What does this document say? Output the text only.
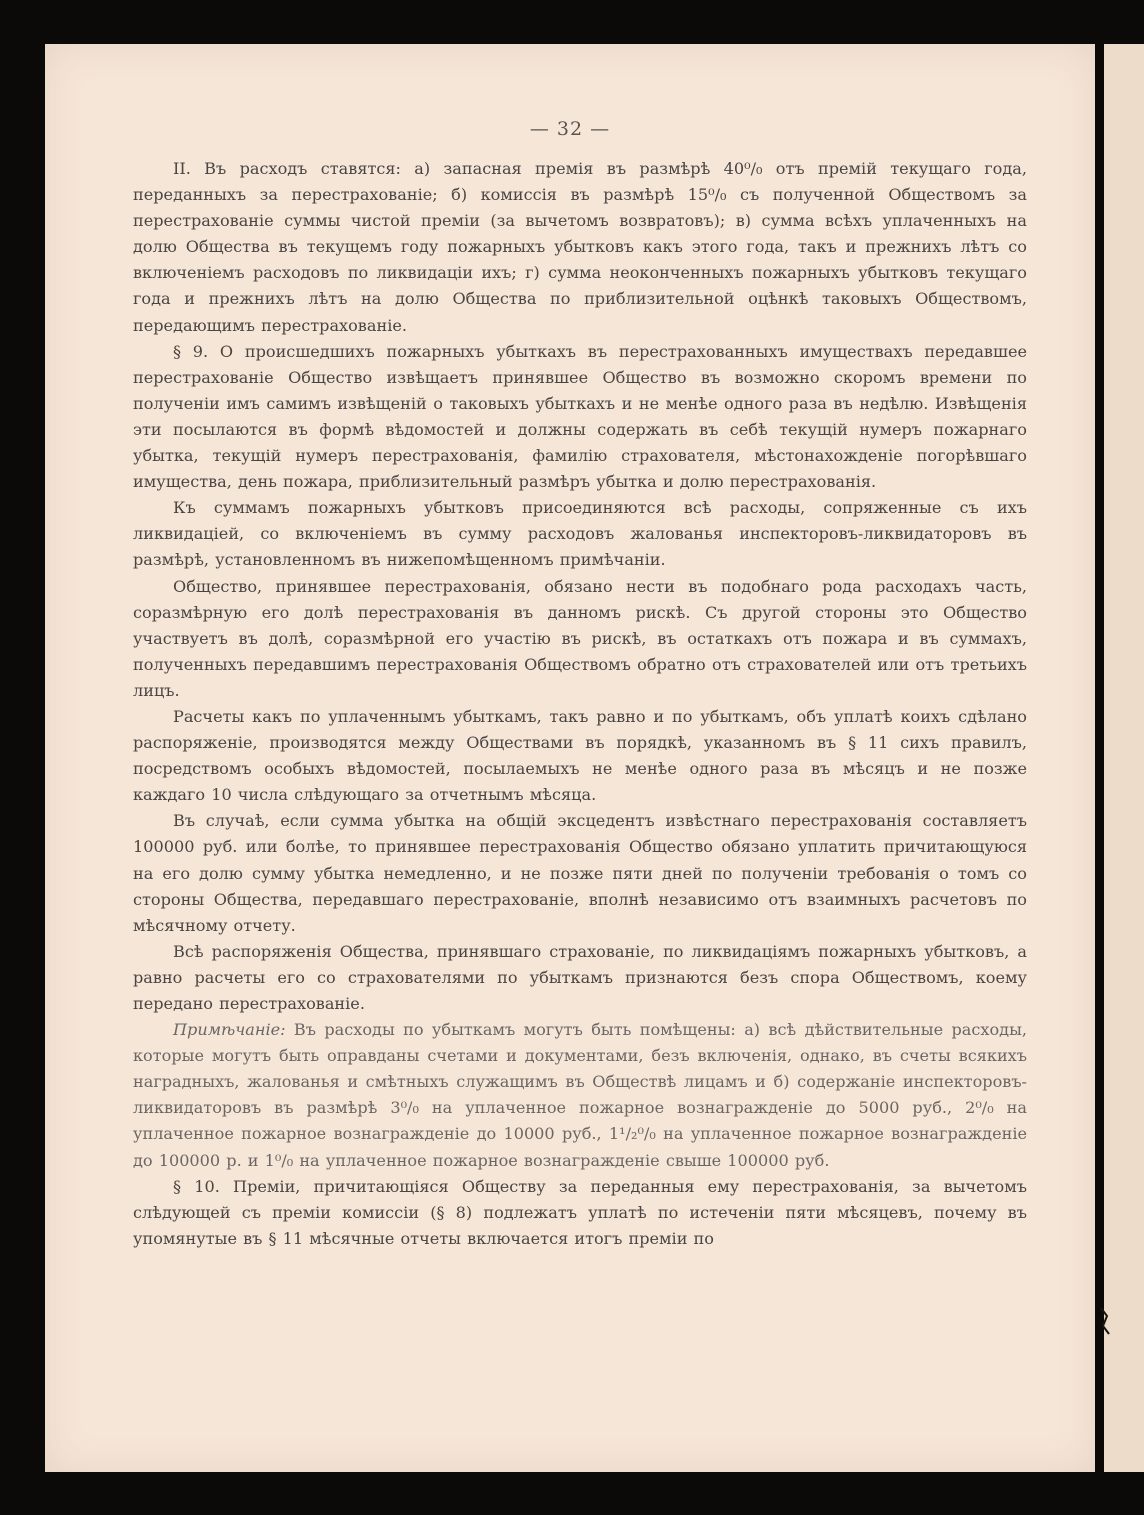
— 32 —

II. Въ расходъ ставятся: а) запасная премія въ размѣрѣ 40⁰/₀ отъ премій текущаго года, переданныхъ за перестрахованіе; б) комиссія въ размѣрѣ 15⁰/₀ съ полученной Обществомъ за перестрахованіе суммы чистой преміи (за вычетомъ возвратовъ); в) сумма всѣхъ уплаченныхъ на долю Общества въ текущемъ году пожарныхъ убытковъ какъ этого года, такъ и прежнихъ лѣтъ со включеніемъ расходовъ по ликвидаціи ихъ; г) сумма неоконченныхъ пожарныхъ убытковъ текущаго года и прежнихъ лѣтъ на долю Общества по приблизительной оцѣнкѣ таковыхъ Обществомъ, передающимъ перестрахованіе.

§ 9. О происшедшихъ пожарныхъ убыткахъ въ перестрахованныхъ имуществахъ передавшее перестрахованіе Общество извѣщаетъ принявшее Общество въ возможно скоромъ времени по полученіи имъ самимъ извѣщеній о таковыхъ убыткахъ и не менѣе одного раза въ недѣлю. Извѣщенія эти посылаются въ формѣ вѣдомостей и должны содержать въ себѣ текущій нумеръ пожарнаго убытка, текущій нумеръ перестрахованія, фамилію страхователя, мѣстонахожденіе погорѣвшаго имущества, день пожара, приблизительный размѣръ убытка и долю перестрахованія.

Къ суммамъ пожарныхъ убытковъ присоединяются всѣ расходы, сопряженные съ ихъ ликвидаціей, со включеніемъ въ сумму расходовъ жалованья инспекторовъ-ликвидаторовъ въ размѣрѣ, установленномъ въ нижепомѣщенномъ примѣчаніи.

Общество, принявшее перестрахованія, обязано нести въ подобнаго рода расходахъ часть, соразмѣрную его долѣ перестрахованія въ данномъ рискѣ. Съ другой стороны это Общество участвуетъ въ долѣ, соразмѣрной его участію въ рискѣ, въ остаткахъ отъ пожара и въ суммахъ, полученныхъ передавшимъ перестрахованія Обществомъ обратно отъ страхователей или отъ третьихъ лицъ.

Расчеты какъ по уплаченнымъ убыткамъ, такъ равно и по убыткамъ, объ уплатѣ коихъ сдѣлано распоряженіе, производятся между Обществами въ порядкѣ, указанномъ въ § 11 сихъ правилъ, посредствомъ особыхъ вѣдомостей, посылаемыхъ не менѣе одного раза въ мѣсяцъ и не позже каждаго 10 числа слѣдующаго за отчетнымъ мѣсяца.

Въ случаѣ, если сумма убытка на общій эксцедентъ извѣстнаго перестрахованія составляетъ 100000 руб. или болѣе, то принявшее перестрахованія Общество обязано уплатить причитающуюся на его долю сумму убытка немедленно, и не позже пяти дней по полученіи требованія о томъ со стороны Общества, передавшаго перестрахованіе, вполнѣ независимо отъ взаимныхъ расчетовъ по мѣсячному отчету.

Всѣ распоряженія Общества, принявшаго страхованіе, по ликвидаціямъ пожарныхъ убытковъ, а равно расчеты его со страхователями по убыткамъ признаются безъ спора Обществомъ, коему передано перестрахованіе.

Примѣчаніе: Въ расходы по убыткамъ могутъ быть помѣщены: а) всѣ дѣйствительные расходы, которые могутъ быть оправданы счетами и документами, безъ включенія, однако, въ счеты всякихъ наградныхъ, жалованья и смѣтныхъ служащимъ въ Обществѣ лицамъ и б) содержаніе инспекторовъ-ликвидаторовъ въ размѣрѣ 3⁰/₀ на уплаченное пожарное вознагражденіе до 5000 руб., 2⁰/₀ на уплаченное пожарное вознагражденіе до 10000 руб., 1¹/₂⁰/₀ на уплаченное пожарное вознагражденіе до 100000 р. и 1⁰/₀ на уплаченное пожарное вознагражденіе свыше 100000 руб.

§ 10. Преміи, причитающіяся Обществу за переданныя ему перестрахованія, за вычетомъ слѣдующей съ преміи комиссіи (§ 8) подлежатъ уплатѣ по истеченіи пяти мѣсяцевъ, почему въ упомянутые въ § 11 мѣсячные отчеты включается итогъ преміи по
